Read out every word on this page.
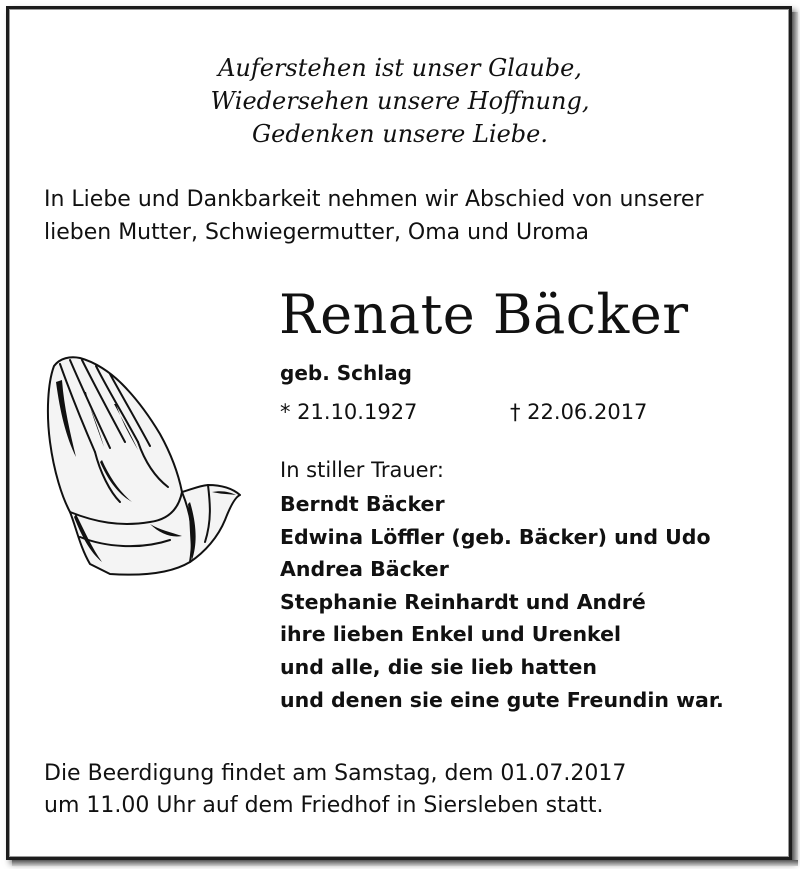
Auferstehen ist unser Glaube,
Wiedersehen unsere Hoffnung,
Gedenken unsere Liebe.
In Liebe und Dankbarkeit nehmen wir Abschied von unserer
lieben Mutter, Schwiegermutter, Oma und Uroma
Renate Bäcker
geb. Schlag
* 21.10.1927	† 22.06.2017
In stiller Trauer:
Berndt Bäcker
Edwina Löffler (geb. Bäcker) und Udo
Andrea Bäcker
Stephanie Reinhardt und André
ihre lieben Enkel und Urenkel
und alle, die sie lieb hatten
und denen sie eine gute Freundin war.
Die Beerdigung findet am Samstag, dem 01.07.2017
um 11.00 Uhr auf dem Friedhof in Siersleben statt.
